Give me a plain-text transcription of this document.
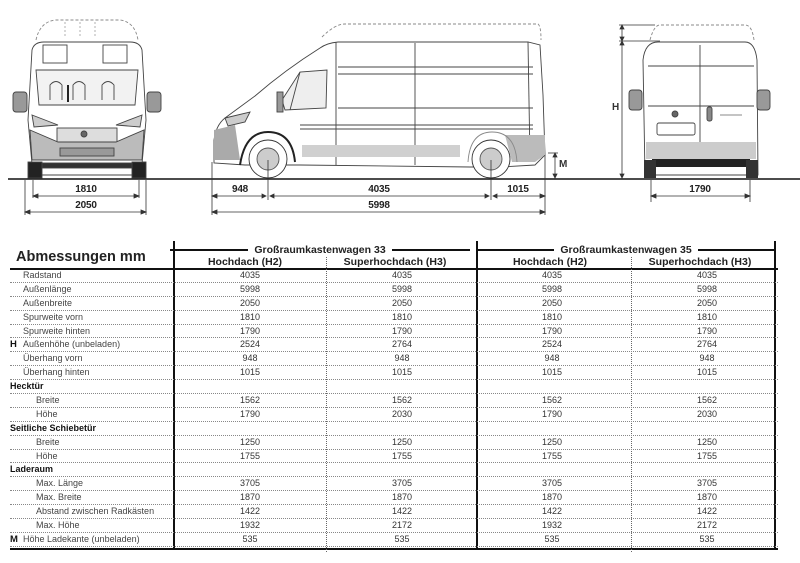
1810
2050
948	4035	1015
5998
M
H
1790
Abmessungen mm	Großraumkastenwagen 33	Großraumkastenwagen 35
Hochdach (H2)	Superhochdach (H3)	Hochdach (H2)	Superhochdach (H3)
Radstand	4035	4035	4035	4035
Außenlänge	5998	5998	5998	5998
Außenbreite	2050	2050	2050	2050
Spurweite vorn	1810	1810	1810	1810
Spurweite hinten	1790	1790	1790	1790
H Außenhöhe (unbeladen)	2524	2764	2524	2764
Überhang vorn	948	948	948	948
Überhang hinten	1015	1015	1015	1015
Hecktür
Breite	1562	1562	1562	1562
Höhe	1790	2030	1790	2030
Seitliche Schiebetür
Breite	1250	1250	1250	1250
Höhe	1755	1755	1755	1755
Laderaum
Max. Länge	3705	3705	3705	3705
Max. Breite	1870	1870	1870	1870
Abstand zwischen Radkästen	1422	1422	1422	1422
Max. Höhe	1932	2172	1932	2172
M Höhe Ladekante (unbeladen)	535	535	535	535
